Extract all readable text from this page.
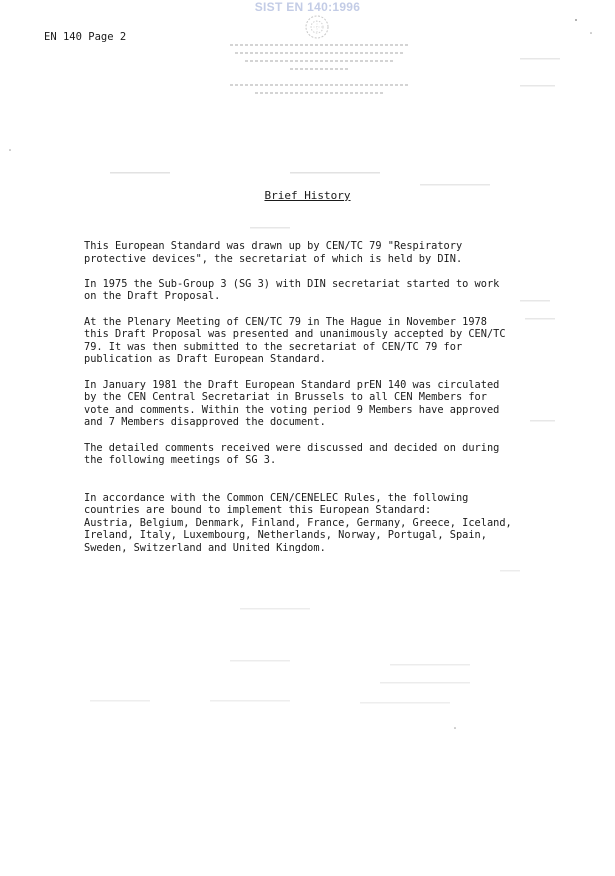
SIST EN 140:1996
EN 140 Page 2
Brief History

This European Standard was drawn up by CEN/TC 79 "Respiratory

protective devices", the secretariat of which is held by DIN.

In 1975 the Sub-Group 3 (SG 3) with DIN secretariat started to work

on the Draft Proposal.

At the Plenary Meeting of CEN/TC 79 in The Hague in November 1978

this Draft Proposal was presented and unanimously accepted by CEN/TC

79. It was then submitted to the secretariat of CEN/TC 79 for

publication as Draft European Standard.

In January 1981 the Draft European Standard prEN 140 was circulated

by the CEN Central Secretariat in Brussels to all CEN Members for

vote and comments. Within the voting period 9 Members have approved

and 7 Members disapproved the document.

The detailed comments received were discussed and decided on during

the following meetings of SG 3.

In accordance with the Common CEN/CENELEC Rules, the following

countries are bound to implement this European Standard:

Austria, Belgium, Denmark, Finland, France, Germany, Greece, Iceland,

Ireland, Italy, Luxembourg, Netherlands, Norway, Portugal, Spain,

Sweden, Switzerland and United Kingdom.
